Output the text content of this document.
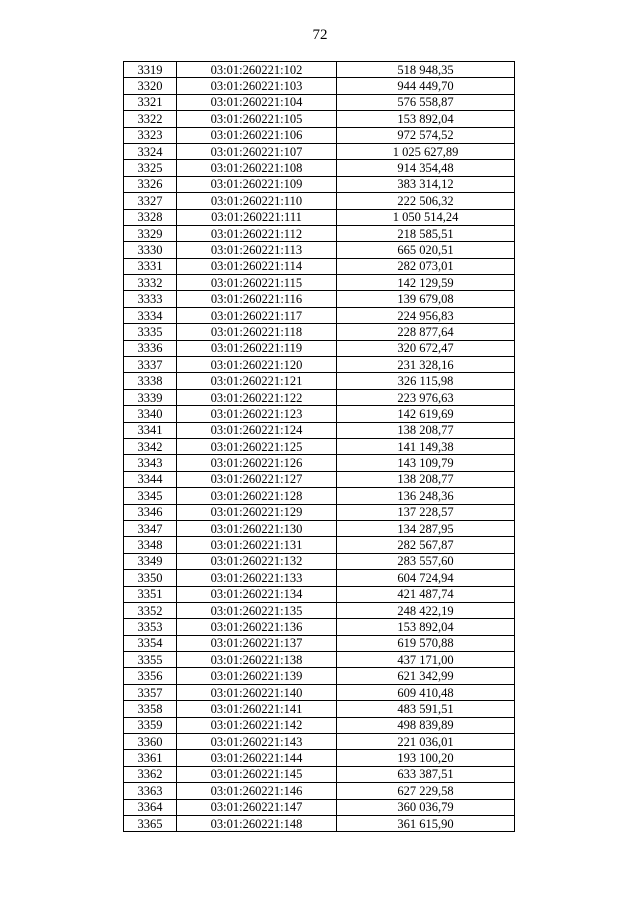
72
3319	03:01:260221:102	518 948,35
3320	03:01:260221:103	944 449,70
3321	03:01:260221:104	576 558,87
3322	03:01:260221:105	153 892,04
3323	03:01:260221:106	972 574,52
3324	03:01:260221:107	1 025 627,89
3325	03:01:260221:108	914 354,48
3326	03:01:260221:109	383 314,12
3327	03:01:260221:110	222 506,32
3328	03:01:260221:111	1 050 514,24
3329	03:01:260221:112	218 585,51
3330	03:01:260221:113	665 020,51
3331	03:01:260221:114	282 073,01
3332	03:01:260221:115	142 129,59
3333	03:01:260221:116	139 679,08
3334	03:01:260221:117	224 956,83
3335	03:01:260221:118	228 877,64
3336	03:01:260221:119	320 672,47
3337	03:01:260221:120	231 328,16
3338	03:01:260221:121	326 115,98
3339	03:01:260221:122	223 976,63
3340	03:01:260221:123	142 619,69
3341	03:01:260221:124	138 208,77
3342	03:01:260221:125	141 149,38
3343	03:01:260221:126	143 109,79
3344	03:01:260221:127	138 208,77
3345	03:01:260221:128	136 248,36
3346	03:01:260221:129	137 228,57
3347	03:01:260221:130	134 287,95
3348	03:01:260221:131	282 567,87
3349	03:01:260221:132	283 557,60
3350	03:01:260221:133	604 724,94
3351	03:01:260221:134	421 487,74
3352	03:01:260221:135	248 422,19
3353	03:01:260221:136	153 892,04
3354	03:01:260221:137	619 570,88
3355	03:01:260221:138	437 171,00
3356	03:01:260221:139	621 342,99
3357	03:01:260221:140	609 410,48
3358	03:01:260221:141	483 591,51
3359	03:01:260221:142	498 839,89
3360	03:01:260221:143	221 036,01
3361	03:01:260221:144	193 100,20
3362	03:01:260221:145	633 387,51
3363	03:01:260221:146	627 229,58
3364	03:01:260221:147	360 036,79
3365	03:01:260221:148	361 615,90
